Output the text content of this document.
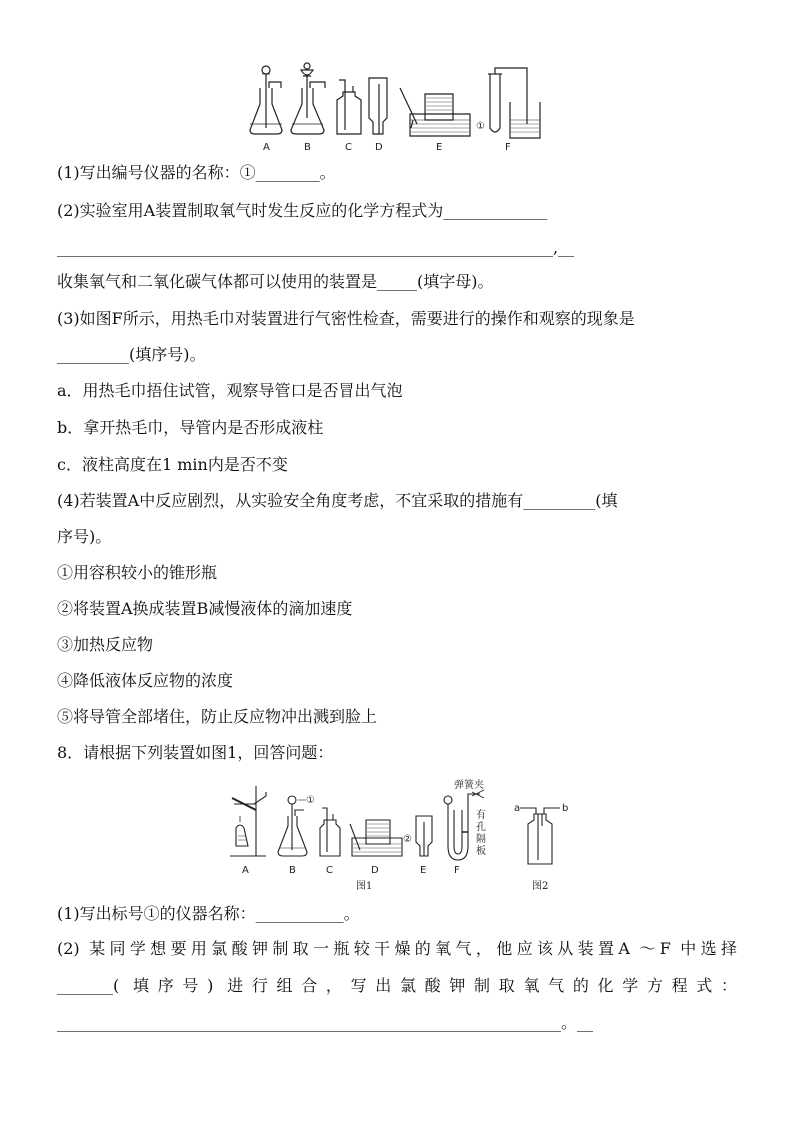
①
A	B	C D	E	F
(1)写出编号仪器的名称：①________。
(2)实验室用A装置制取氧气时发生反应的化学方程式为_____________
______________________________________________________________,__
收集氧气和二氧化碳气体都可以使用的装置是_____(填字母)。
(3)如图F所示，用热毛巾对装置进行气密性检查，需要进行的操作和观察的现象是
_________(填序号)。
a．用热毛巾捂住试管，观察导管口是否冒出气泡
b．拿开热毛巾，导管内是否形成液柱
c．液柱高度在1 min内是否不变
(4)若装置A中反应剧烈，从实验安全角度考虑，不宜采取的措施有_________(填
序号)。
①用容积较小的锥形瓶
②将装置A换成装置B减慢液体的滴加速度
③加热反应物
④降低液体反应物的浓度
⑤将导管全部堵住，防止反应物冲出溅到脸上
8．请根据下列装置如图1，回答问题：
①
②
弹簧夹
有
孔
隔
板
a	b
A	B	C	D	E	F
图1	图2
(1)写出标号①的仪器名称：___________。
(2) 某同学想要用氯酸钾制取一瓶较干燥的氧气，他应该从装置A ～F 中选择
_______( 填序号) 进行组合，写出氯酸钾制取氧气的化学方程式：
_______________________________________________________________。__
